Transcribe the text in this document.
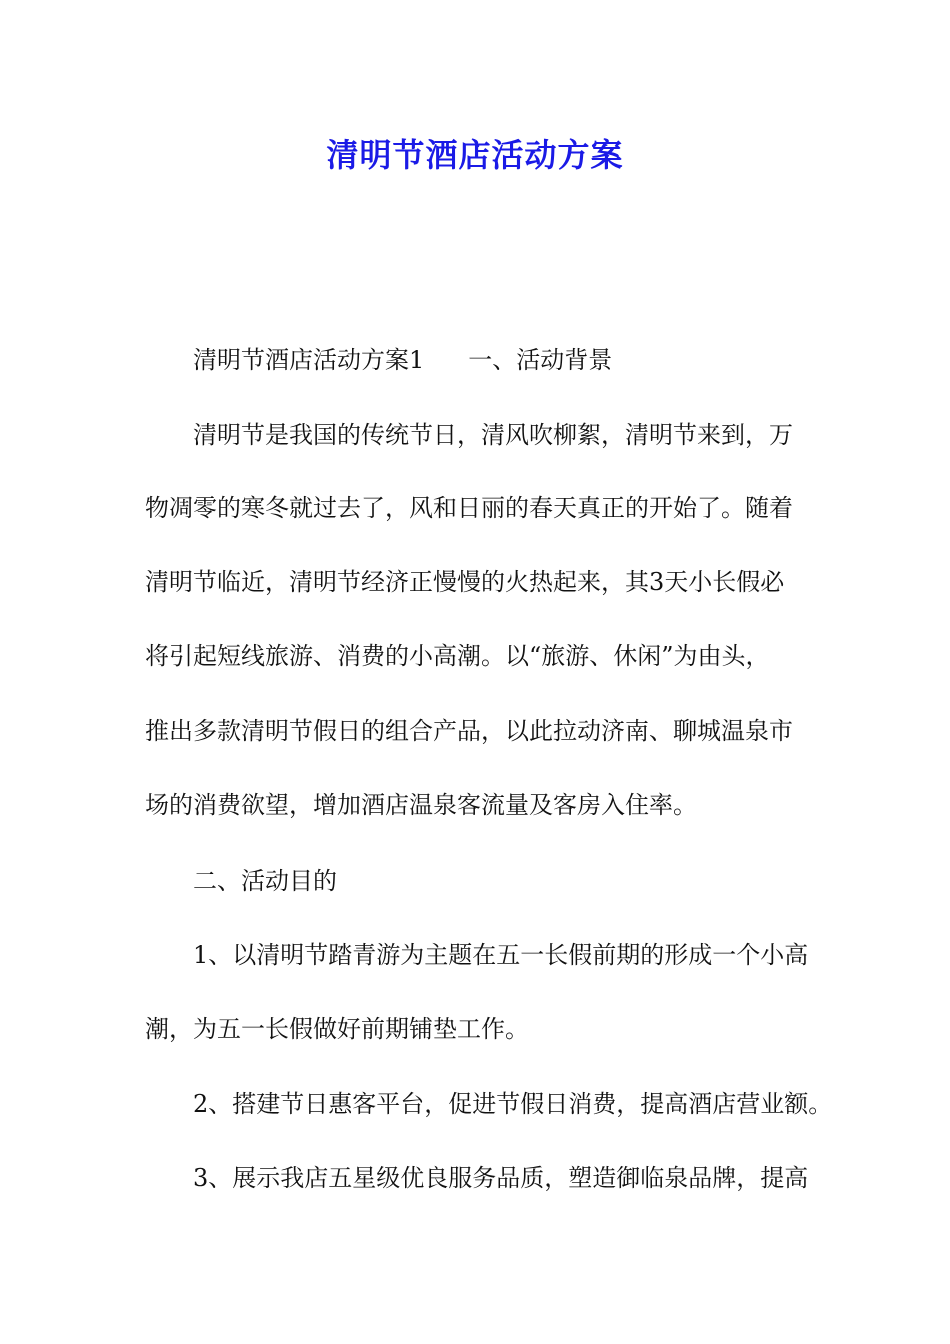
清明节酒店活动方案
清明节酒店活动方案1 一、活动背景
清明节是我国的传统节日，清风吹柳絮，清明节来到，万
物凋零的寒冬就过去了，风和日丽的春天真正的开始了。随着
清明节临近，清明节经济正慢慢的火热起来，其3天小长假必
将引起短线旅游、消费的小高潮。以“旅游、休闲”为由头，
推出多款清明节假日的组合产品，以此拉动济南、聊城温泉市
场的消费欲望，增加酒店温泉客流量及客房入住率。
二、活动目的
1、以清明节踏青游为主题在五一长假前期的形成一个小高
潮，为五一长假做好前期铺垫工作。
2、搭建节日惠客平台，促进节假日消费，提高酒店营业额。
3、展示我店五星级优良服务品质，塑造御临泉品牌，提高
